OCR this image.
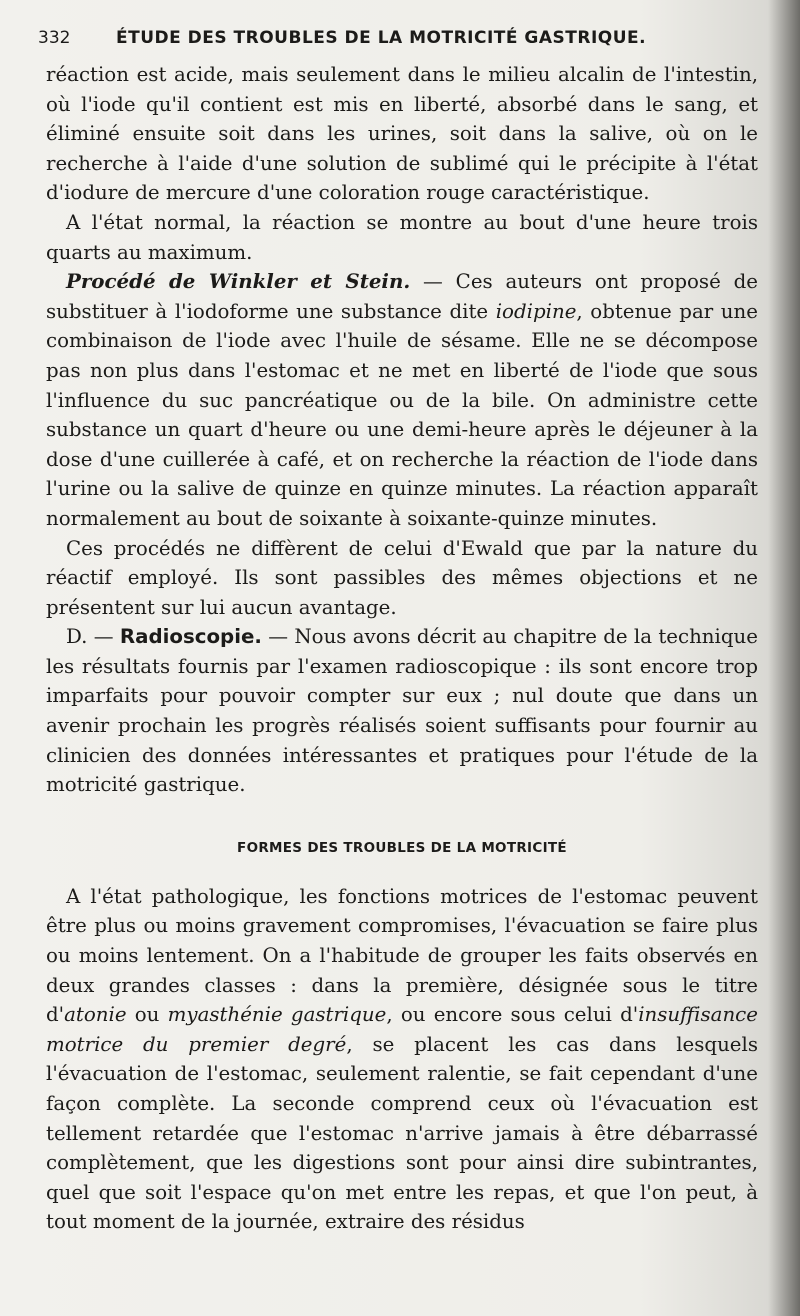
332	ÉTUDE DES TROUBLES DE LA MOTRICITÉ GASTRIQUE.

réaction est acide, mais seulement dans le milieu alcalin de l'intestin, où l'iode qu'il contient est mis en liberté, absorbé dans le sang, et éliminé ensuite soit dans les urines, soit dans la salive, où on le recherche à l'aide d'une solution de sublimé qui le précipite à l'état d'iodure de mercure d'une coloration rouge caractéristique.

A l'état normal, la réaction se montre au bout d'une heure trois quarts au maximum.

Procédé de Winkler et Stein. — Ces auteurs ont proposé de substituer à l'iodoforme une substance dite iodipine, obtenue par une combinaison de l'iode avec l'huile de sésame. Elle ne se décompose pas non plus dans l'estomac et ne met en liberté de l'iode que sous l'influence du suc pancréatique ou de la bile. On administre cette substance un quart d'heure ou une demi-heure après le déjeuner à la dose d'une cuillerée à café, et on recherche la réaction de l'iode dans l'urine ou la salive de quinze en quinze minutes. La réaction apparaît normalement au bout de soixante à soixante-quinze minutes.

Ces procédés ne diffèrent de celui d'Ewald que par la nature du réactif employé. Ils sont passibles des mêmes objections et ne présentent sur lui aucun avantage.

D. — Radioscopie. — Nous avons décrit au chapitre de la technique les résultats fournis par l'examen radioscopique : ils sont encore trop imparfaits pour pouvoir compter sur eux ; nul doute que dans un avenir prochain les progrès réalisés soient suffisants pour fournir au clinicien des données intéressantes et pratiques pour l'étude de la motricité gastrique.

FORMES DES TROUBLES DE LA MOTRICITÉ

A l'état pathologique, les fonctions motrices de l'estomac peuvent être plus ou moins gravement compromises, l'évacuation se faire plus ou moins lentement. On a l'habitude de grouper les faits observés en deux grandes classes : dans la première, désignée sous le titre d'atonie ou myasthénie gastrique, ou encore sous celui d'insuffisance motrice du premier degré, se placent les cas dans lesquels l'évacuation de l'estomac, seulement ralentie, se fait cependant d'une façon complète. La seconde comprend ceux où l'évacuation est tellement retardée que l'estomac n'arrive jamais à être débarrassé complètement, que les digestions sont pour ainsi dire subintrantes, quel que soit l'espace qu'on met entre les repas, et que l'on peut, à tout moment de la journée, extraire des résidus
